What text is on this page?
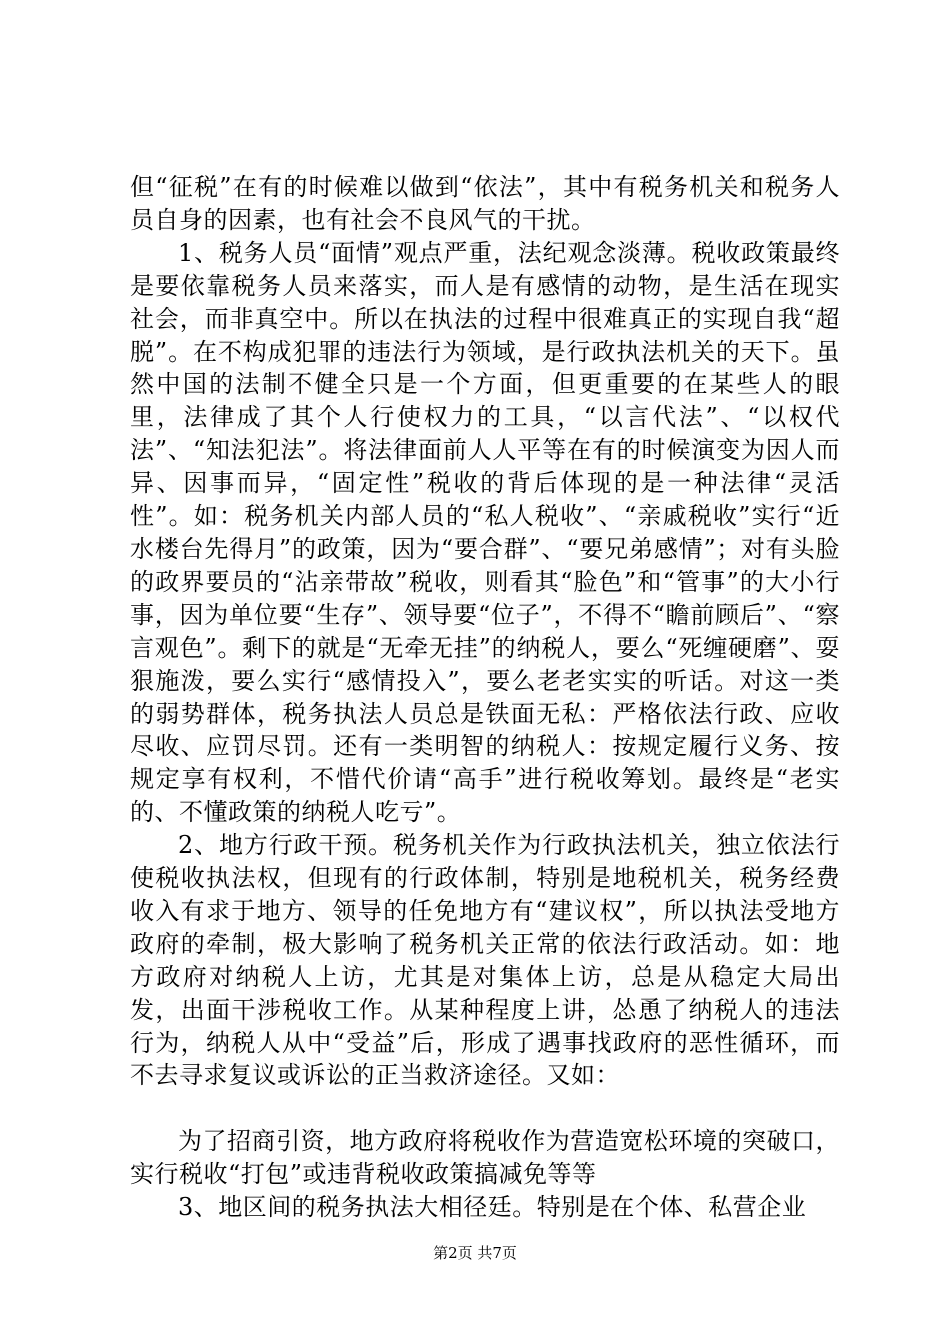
但“征税”在有的时候难以做到“依法”，其中有税务机关和税务人员自身的因素，也有社会不良风气的干扰。

1、税务人员“面情”观点严重，法纪观念淡薄。税收政策最终是要依靠税务人员来落实，而人是有感情的动物，是生活在现实社会，而非真空中。所以在执法的过程中很难真正的实现自我“超脱”。在不构成犯罪的违法行为领域，是行政执法机关的天下。虽然中国的法制不健全只是一个方面，但更重要的在某些人的眼里，法律成了其个人行使权力的工具，“以言代法”、“以权代法”、“知法犯法”。将法律面前人人平等在有的时候演变为因人而异、因事而异，“固定性”税收的背后体现的是一种法律“灵活性”。如：税务机关内部人员的“私人税收”、“亲戚税收”实行“近水楼台先得月”的政策，因为“要合群”、“要兄弟感情”；对有头脸的政界要员的“沾亲带故”税收，则看其“脸色”和“管事”的大小行事，因为单位要“生存”、领导要“位子”，不得不“瞻前顾后”、“察言观色”。剩下的就是“无牵无挂”的纳税人，要么“死缠硬磨”、耍狠施泼，要么实行“感情投入”，要么老老实实的听话。对这一类的弱势群体，税务执法人员总是铁面无私：严格依法行政、应收尽收、应罚尽罚。还有一类明智的纳税人：按规定履行义务、按规定享有权利，不惜代价请“高手”进行税收筹划。最终是“老实的、不懂政策的纳税人吃亏”。

2、地方行政干预。税务机关作为行政执法机关，独立依法行使税收执法权，但现有的行政体制，特别是地税机关，税务经费收入有求于地方、领导的任免地方有“建议权”，所以执法受地方政府的牵制，极大影响了税务机关正常的依法行政活动。如：地方政府对纳税人上访，尤其是对集体上访，总是从稳定大局出发，出面干涉税收工作。从某种程度上讲，怂恿了纳税人的违法行为，纳税人从中“受益”后，形成了遇事找政府的恶性循环，而不去寻求复议或诉讼的正当救济途径。又如：

为了招商引资，地方政府将税收作为营造宽松环境的突破口，实行税收“打包”或违背税收政策搞减免等等

3、地区间的税务执法大相径廷。特别是在个体、私营企业

第2页 共7页
